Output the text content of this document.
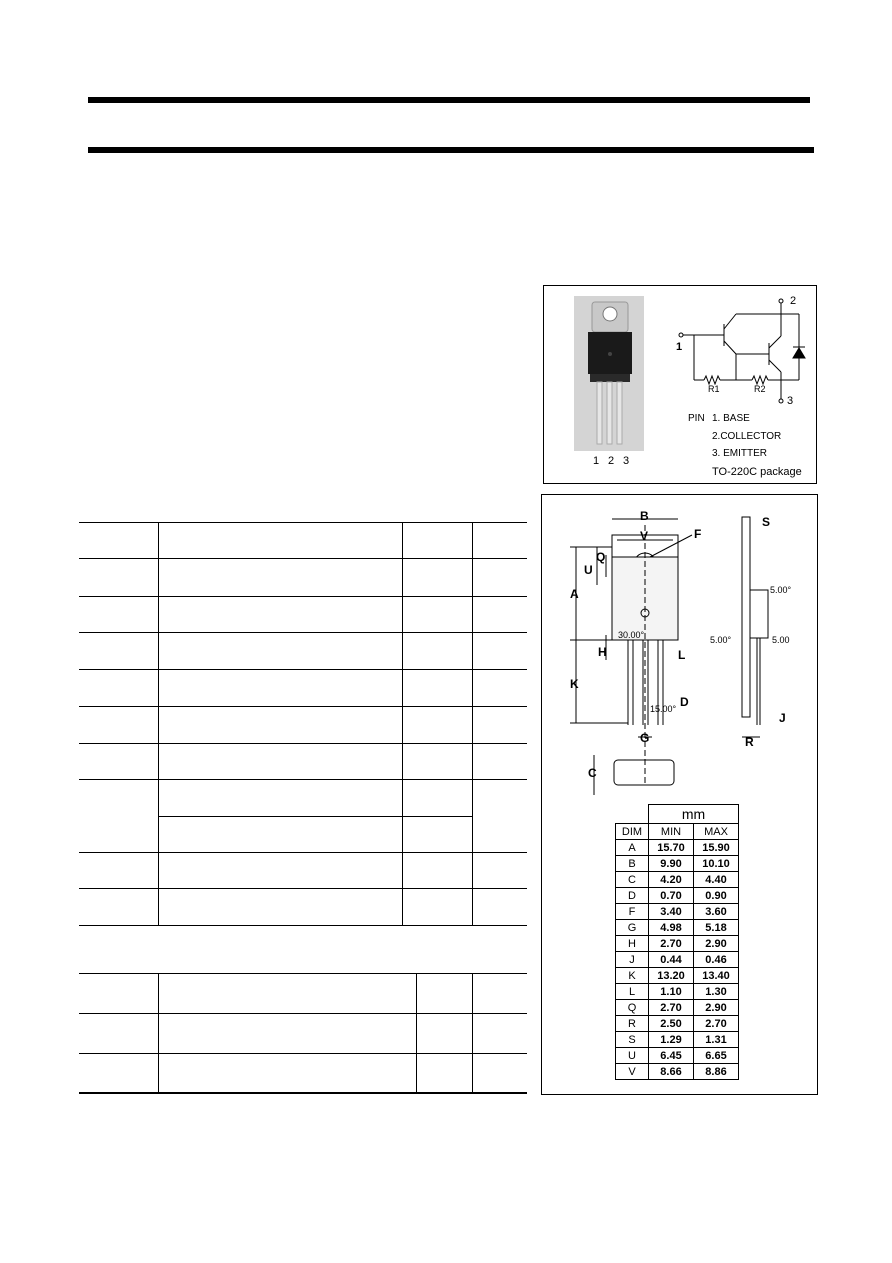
1 2 3
2
1
3
R1	R2
PIN 1. BASE
2.COLLECTOR
3. EMITTER
TO-220C package
B
V	F
Q
U
A
H	L
K
D
G
C
S
J
R
30.00°
15.00°
5.00°
5.00°	5.00
	mm	
DIM	MIN	MAX
A	15.70	15.90
B	9.90	10.10
C	4.20	4.40
D	0.70	0.90
F	3.40	3.60
G	4.98	5.18
H	2.70	2.90
J	0.44	0.46
K	13.20	13.40
L	1.10	1.30
Q	2.70	2.90
R	2.50	2.70
S	1.29	1.31
U	6.45	6.65
V	8.66	8.86
